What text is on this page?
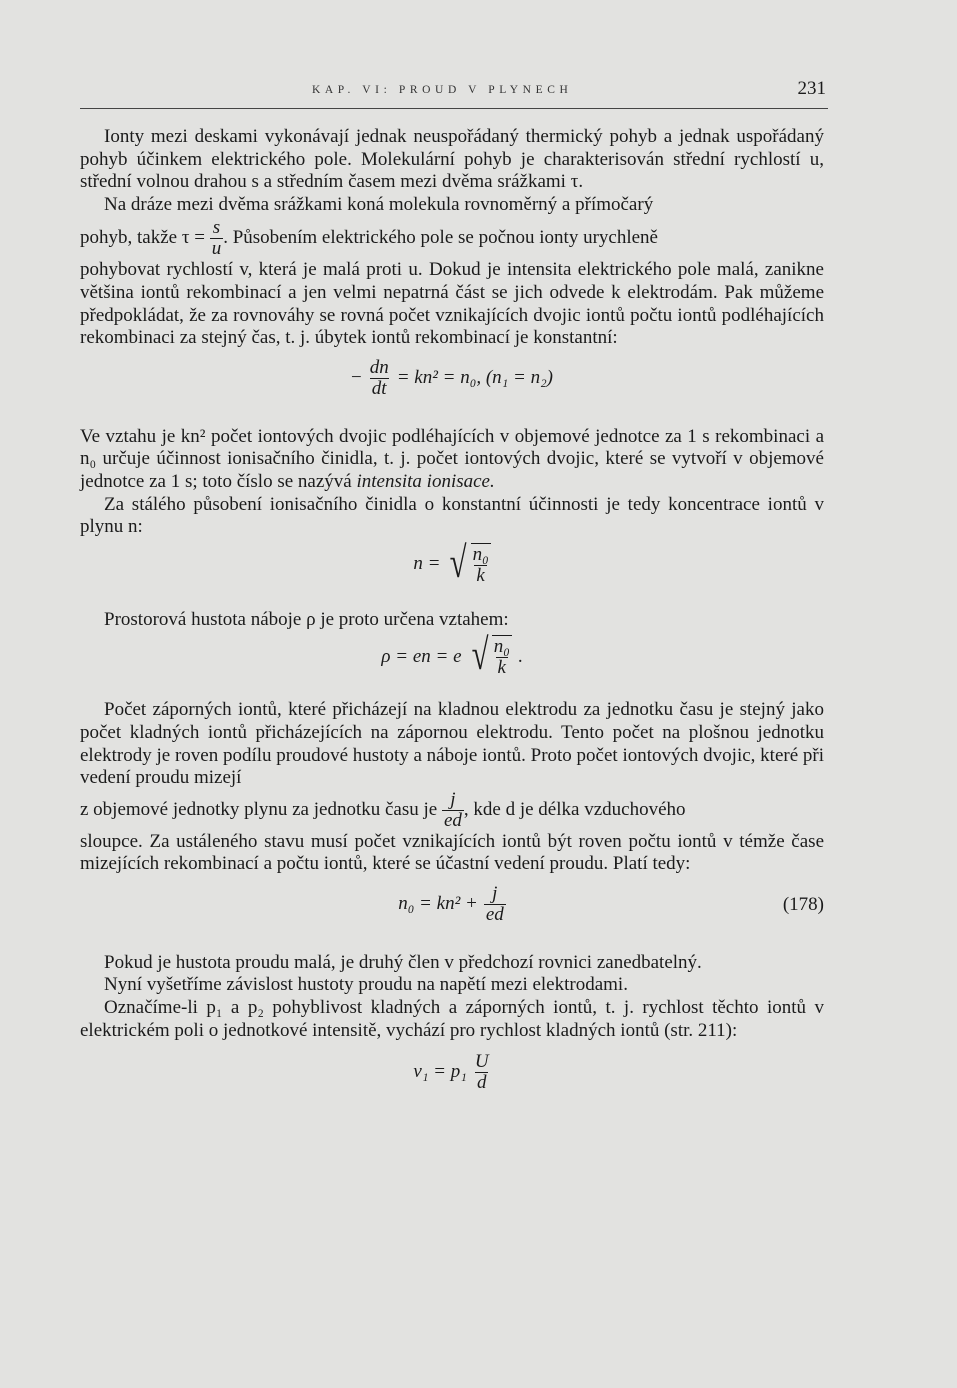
KAP. VI: PROUD V PLYNECH	231

Ionty mezi deskami vykonávají jednak neuspořádaný thermický pohyb a jednak uspořádaný pohyb účinkem elektrického pole. Molekulární pohyb je charakterisován střední rychlostí u, střední volnou drahou s a středním časem mezi dvěma srážkami τ.

Na dráze mezi dvěma srážkami koná molekula rovnoměrný a přímočarý

pohyb, takže $\tau = \frac{s}{u}$ . Působením elektrického pole se počnou ionty urychleně

pohybovat rychlostí v, která je malá proti u. Dokud je intensita elektrického pole malá, zanikne většina iontů rekombinací a jen velmi nepatrná část se jich odvede k elektrodám. Pak můžeme předpokládat, že za rovnováhy se rovná počet vznikajících dvojic iontů počtu iontů podléhajících rekombinaci za stejný čas, t. j. úbytek iontů rekombinací je konstantní:

− $\frac{dn}{dt} = kn^2 = n_0$, (n₁ = n₂)

Ve vztahu je kn² počet iontových dvojic podléhajících v objemové jednotce za 1 s rekombinaci a n₀ určuje účinnost ionisačního činidla, t. j. počet iontových dvojic, které se vytvoří v objemové jednotce za 1 s; toto číslo se nazývá intensita ionisace.

Za stálého působení ionisačního činidla o konstantní účinnosti je tedy koncentrace iontů v plynu n:

n = √ $\frac{\text{n₀}}{k}$

Prostorová hustota náboje ρ je proto určena vztahem:

ρ = en = e √ $\frac{\text{n₀}}{k}$ .

Počet záporných iontů, které přicházejí na kladnou elektrodu za jednotku času je stejný jako počet kladných iontů přicházejících na zápornou elektrodu. Tento počet na plošnou jednotku elektrody je roven podílu proudové hustoty a náboje iontů. Proto počet iontových dvojic, které při vedení proudu mizejí

z objemové jednotky plynu za jednotku času je $\frac{j}{ed}$ , kde d je délka vzduchového

sloupce. Za ustáleného stavu musí počet vznikajících iontů být roven počtu iontů v témže čase mizejících rekombinací a počtu iontů, které se účastní vedení proudu. Platí tedy:

$n_0 = kn^2 + \frac{j}{ed}$	(178)

Pokud je hustota proudu malá, je druhý člen v předchozí rovnici zanedbatelný.

Nyní vyšetříme závislost hustoty proudu na napětí mezi elektrodami.

Označíme-li p₁ a p₂ pohyblivost kladných a záporných iontů, t. j. rychlost těchto iontů v elektrickém poli o jednotkové intensitě, vychází pro rychlost kladných iontů (str. 211):

$v_1 = p_1 \frac{U}{d}$
